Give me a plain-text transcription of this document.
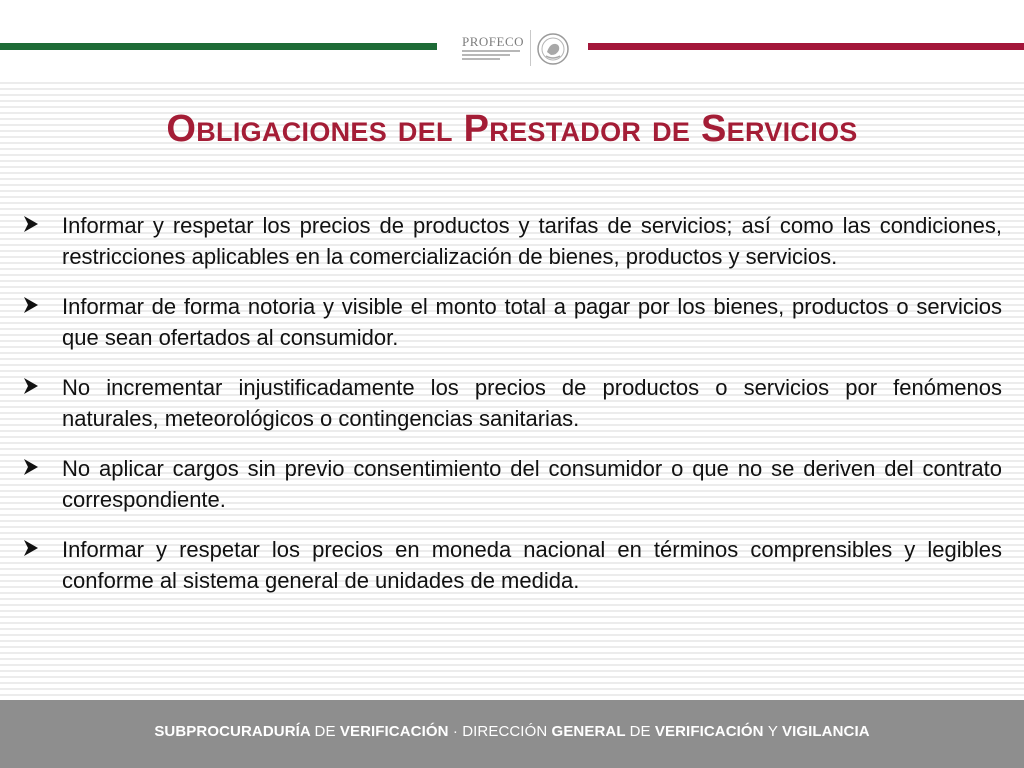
PROFECO
Obligaciones del Prestador de Servicios
Informar y respetar los precios de productos y tarifas de servicios; así como las condiciones, restricciones aplicables en la comercialización de bienes, productos y servicios.
Informar de forma notoria y visible el monto total a pagar por los bienes, productos o servicios que sean ofertados al consumidor.
No incrementar injustificadamente los precios de productos o servicios por fenómenos naturales, meteorológicos o contingencias sanitarias.
No aplicar cargos sin previo consentimiento del consumidor o que no se deriven del contrato correspondiente.
Informar y respetar los precios en moneda nacional en términos comprensibles y legibles conforme al sistema general de unidades de medida.
SUBPROCURADURÍA DE VERIFICACIÓN · DIRECCIÓN GENERAL DE VERIFICACIÓN Y VIGILANCIA
